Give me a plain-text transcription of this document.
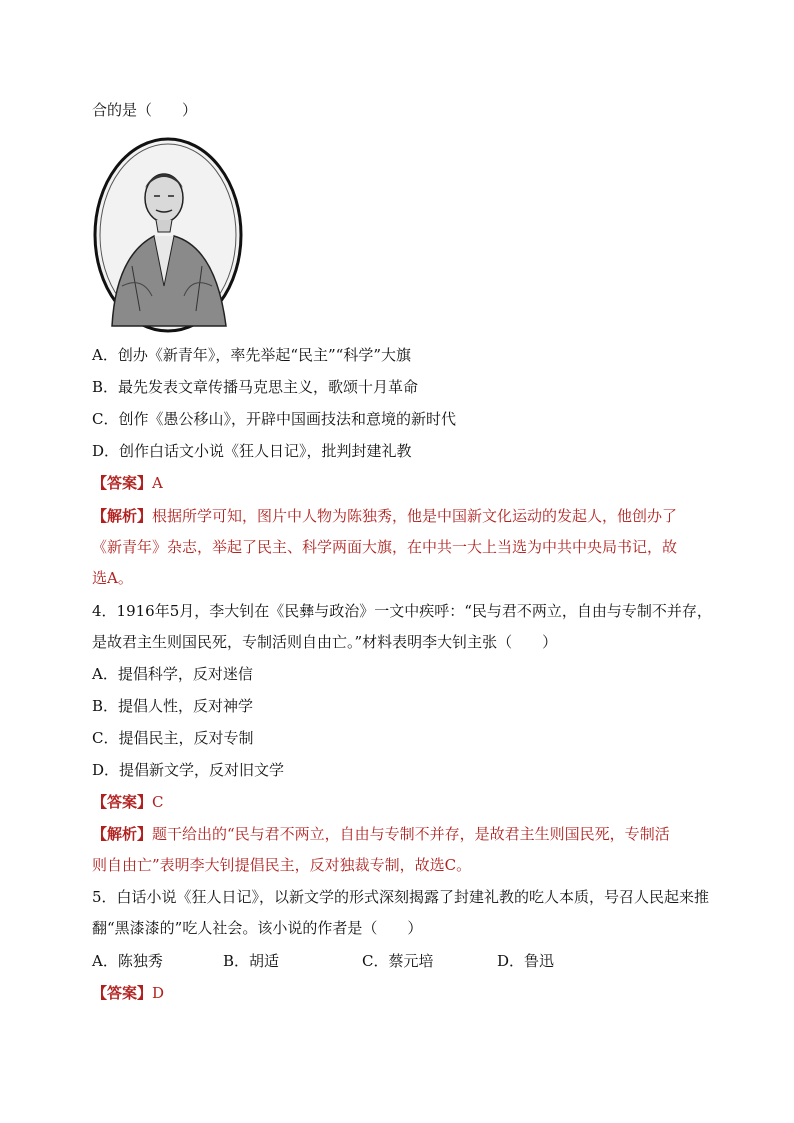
合的是（　　）
A．创办《新青年》，率先举起“民主”“科学”大旗
B．最先发表文章传播马克思主义，歌颂十月革命
C．创作《愚公移山》，开辟中国画技法和意境的新时代
D．创作白话文小说《狂人日记》，批判封建礼教
【答案】A
【解析】根据所学可知，图片中人物为陈独秀，他是中国新文化运动的发起人，他创办了
《新青年》杂志，举起了民主、科学两面大旗，在中共一大上当选为中共中央局书记，故
选A。
4．1916年5月，李大钊在《民彝与政治》一文中疾呼：“民与君不两立，自由与专制不并存，
是故君主生则国民死，专制活则自由亡。”材料表明李大钊主张（　　）
A．提倡科学，反对迷信
B．提倡人性，反对神学
C．提倡民主，反对专制
D．提倡新文学，反对旧文学
【答案】C
【解析】题干给出的“民与君不两立，自由与专制不并存，是故君主生则国民死，专制活
则自由亡”表明李大钊提倡民主，反对独裁专制，故选C。
5．白话小说《狂人日记》，以新文学的形式深刻揭露了封建礼教的吃人本质，号召人民起来推
翻“黑漆漆的”吃人社会。该小说的作者是（　　）
A．陈独秀	B．胡适	C．蔡元培	D．鲁迅
【答案】D
